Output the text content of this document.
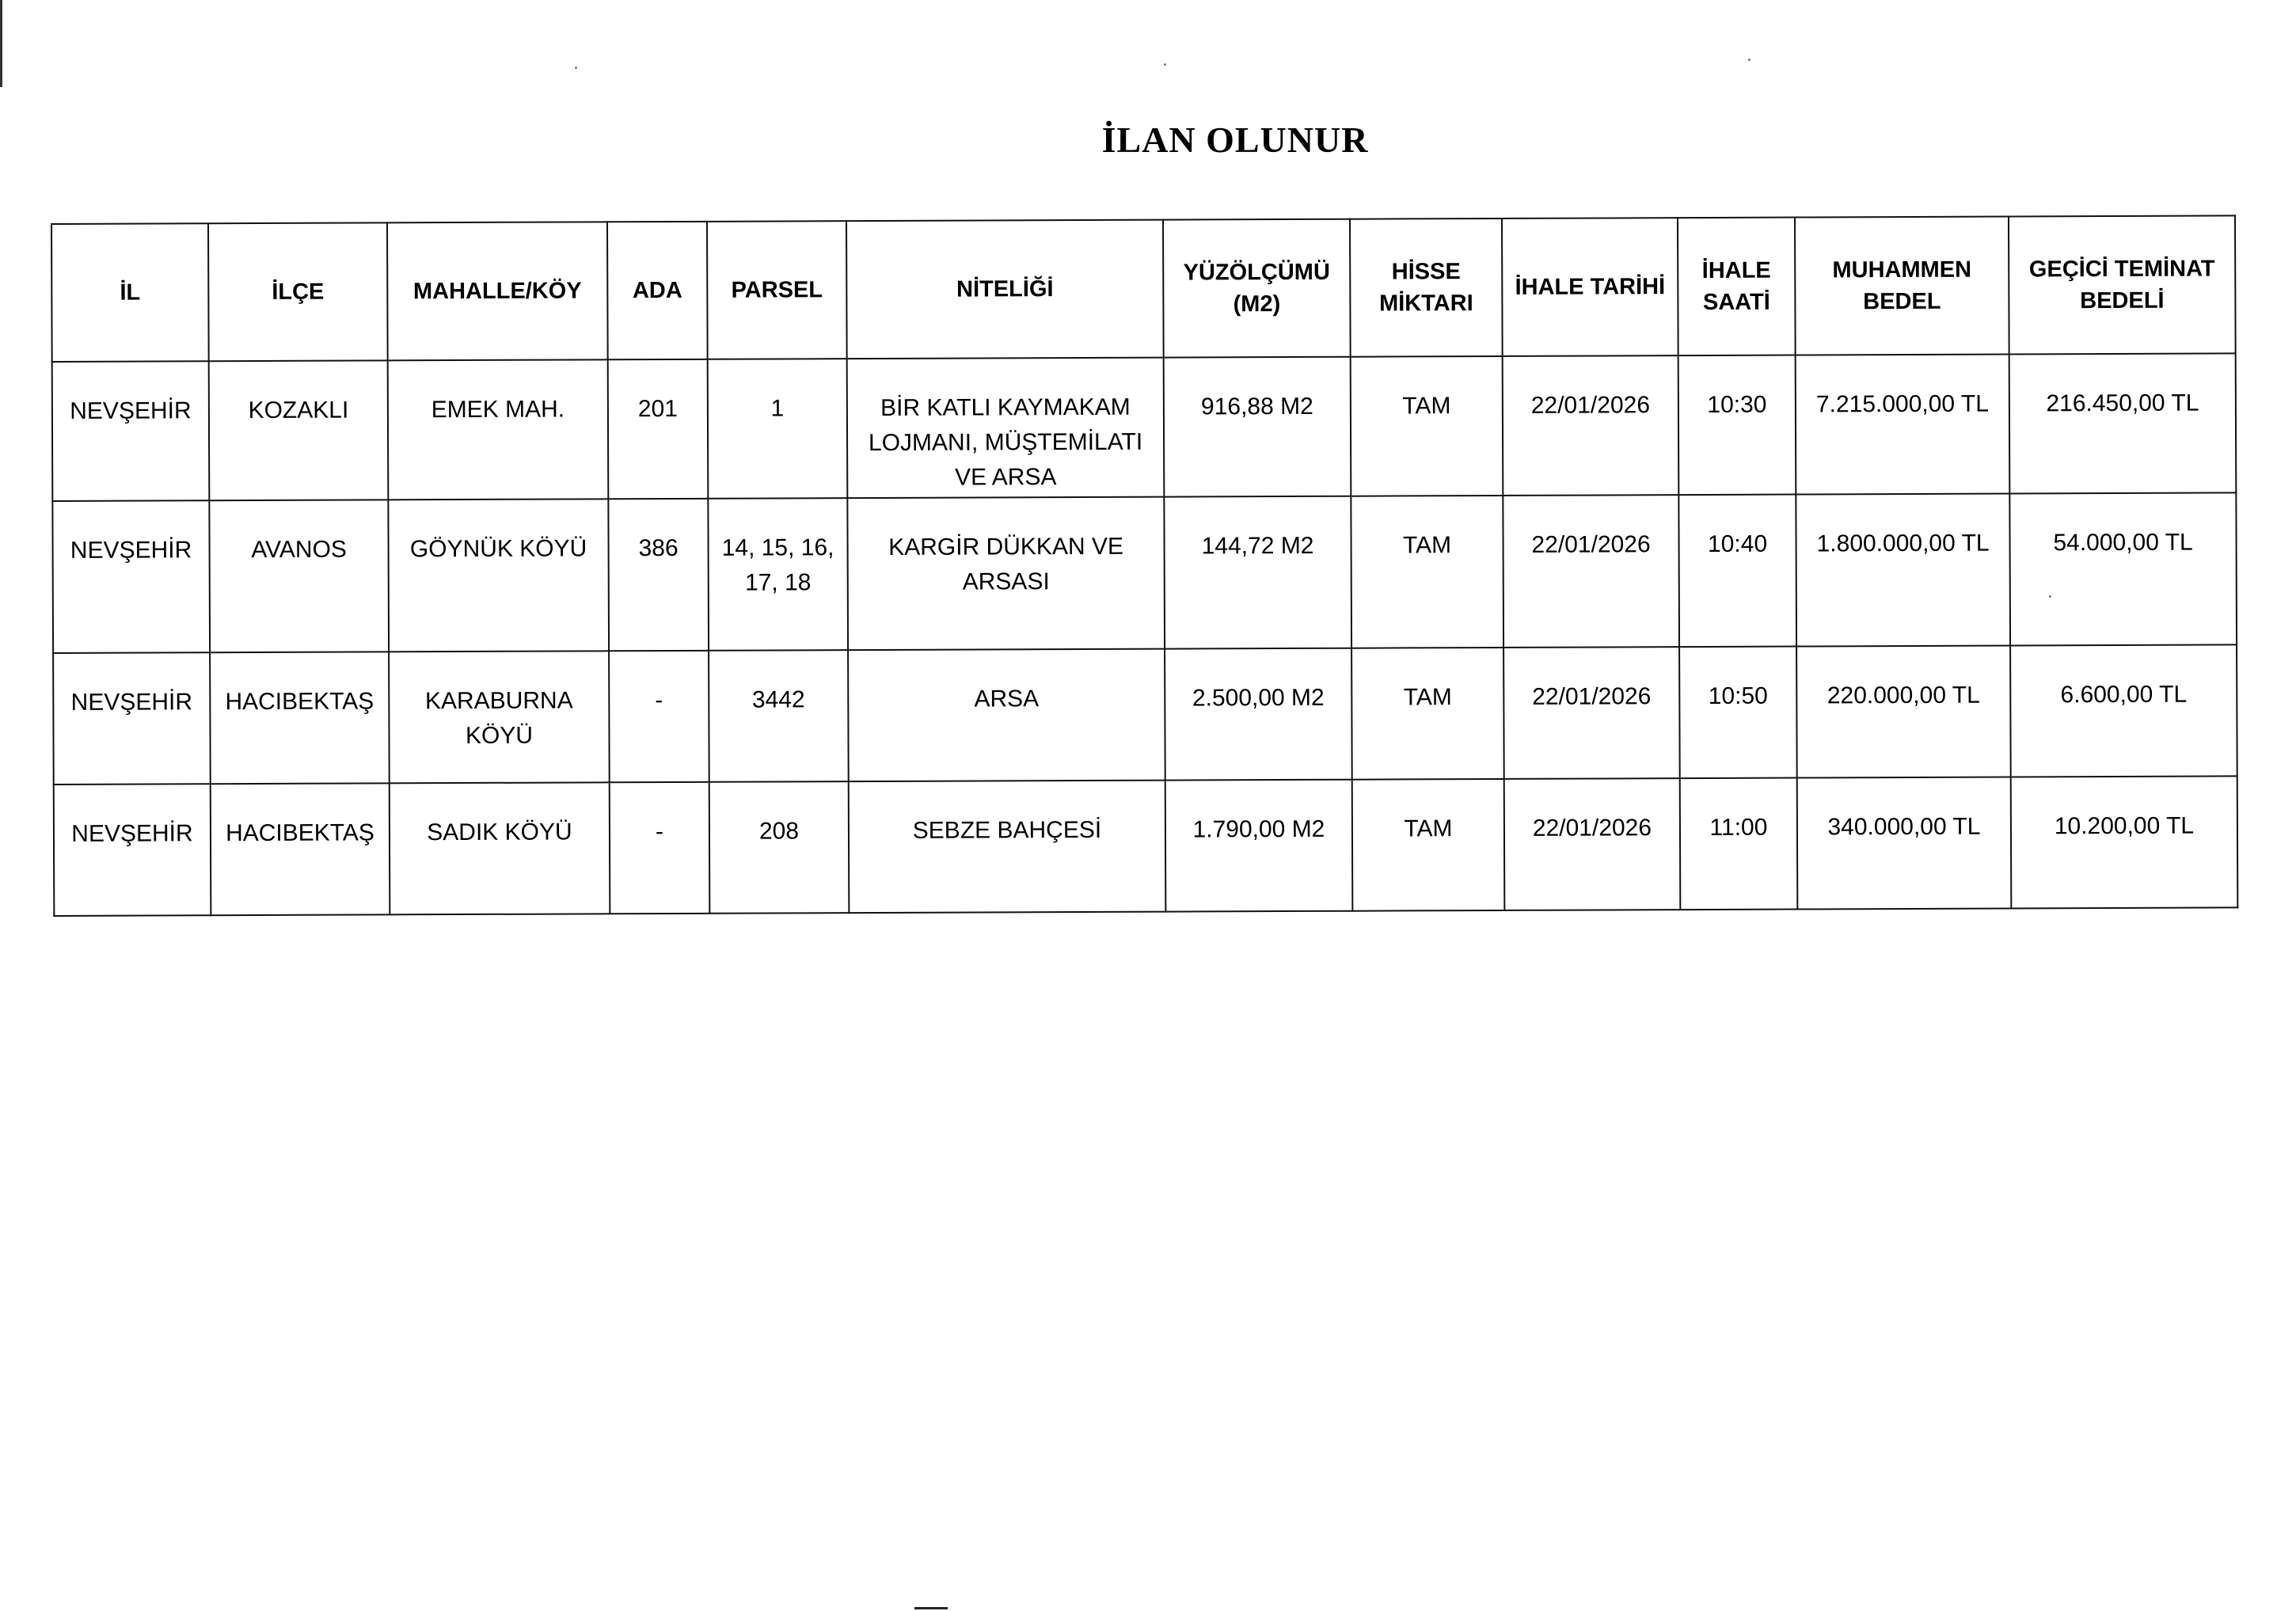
İLAN OLUNUR
İL	İLÇE	MAHALLE/KÖY	ADA	PARSEL	NİTELİĞİ	YÜZÖLÇÜMÜ (M2)	HİSSE MİKTARI	İHALE TARİHİ	İHALE SAATİ	MUHAMMEN BEDEL	GEÇİCİ TEMİNAT BEDELİ
NEVŞEHİR	KOZAKLI	EMEK MAH.	201	1	BİR KATLI KAYMAKAM LOJMANI, MÜŞTEMİLATI VE ARSA	916,88 M2	TAM	22/01/2026	10:30	7.215.000,00 TL	216.450,00 TL
NEVŞEHİR	AVANOS	GÖYNÜK KÖYÜ	386	14, 15, 16, 17, 18	KARGİR DÜKKAN VE ARSASI	144,72 M2	TAM	22/01/2026	10:40	1.800.000,00 TL	54.000,00 TL
NEVŞEHİR	HACIBEKTAŞ	KARABURNA KÖYÜ	-	3442	ARSA	2.500,00 M2	TAM	22/01/2026	10:50	220.000,00 TL	6.600,00 TL
NEVŞEHİR	HACIBEKTAŞ	SADIK KÖYÜ	-	208	SEBZE BAHÇESİ	1.790,00 M2	TAM	22/01/2026	11:00	340.000,00 TL	10.200,00 TL
